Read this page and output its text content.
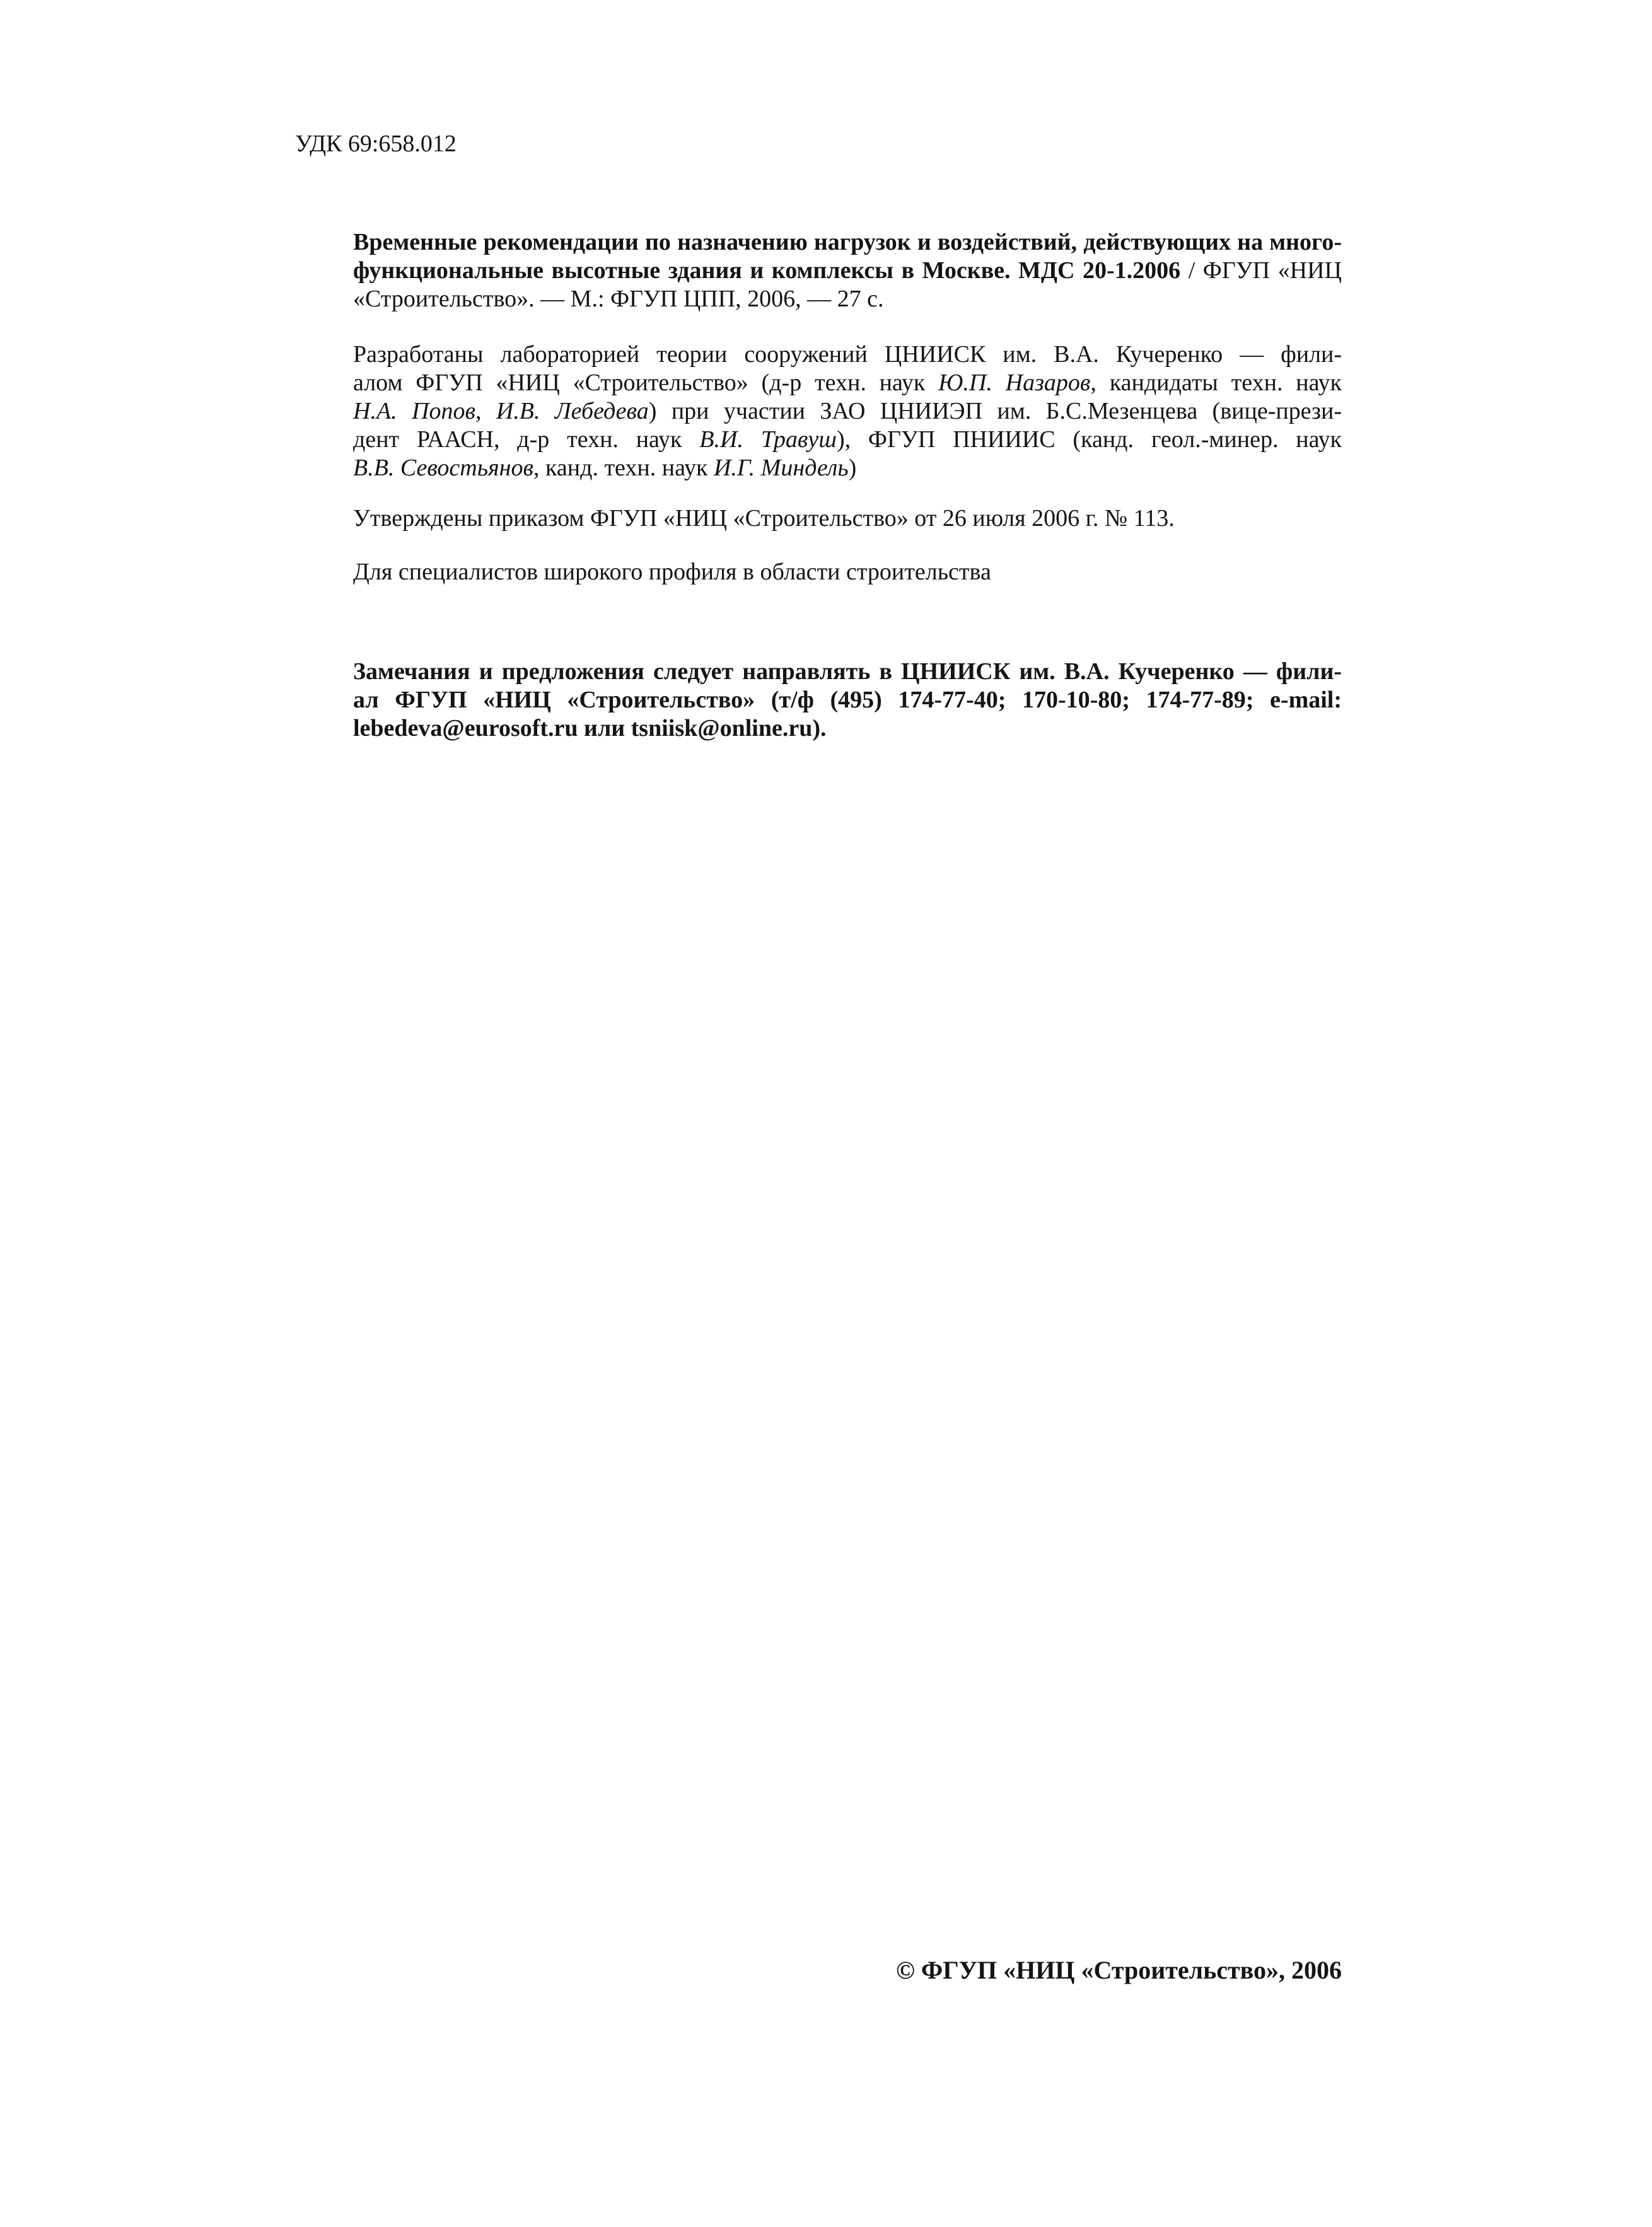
УДК 69:658.012
Временные рекомендации по назначению нагрузок и воздействий, действующих на много-
функциональные высотные здания и комплексы в Москве. МДС 20-1.2006 / ФГУП «НИЦ
«Строительство». — М.: ФГУП ЦПП, 2006, — 27 с.
Разработаны лабораторией теории сооружений ЦНИИСК им. В.А. Кучеренко — фили-
алом ФГУП «НИЦ «Строительство» (д-р техн. наук Ю.П. Назаров, кандидаты техн. наук
Н.А. Попов, И.В. Лебедева) при участии ЗАО ЦНИИЭП им. Б.С.Мезенцева (вице-прези-
дент РААСН, д-р техн. наук В.И. Травуш), ФГУП ПНИИИС (канд. геол.-минер. наук
В.В. Севостьянов, канд. техн. наук И.Г. Миндель)
Утверждены приказом ФГУП «НИЦ «Строительство» от 26 июля 2006 г. № 113.
Для специалистов широкого профиля в области строительства
Замечания и предложения следует направлять в ЦНИИСК им. В.А. Кучеренко — фили-
ал ФГУП «НИЦ «Строительство» (т/ф (495) 174-77-40; 170-10-80; 174-77-89; e-mail:
lebedeva@eurosoft.ru или tsniisk@online.ru).
© ФГУП «НИЦ «Строительство», 2006
